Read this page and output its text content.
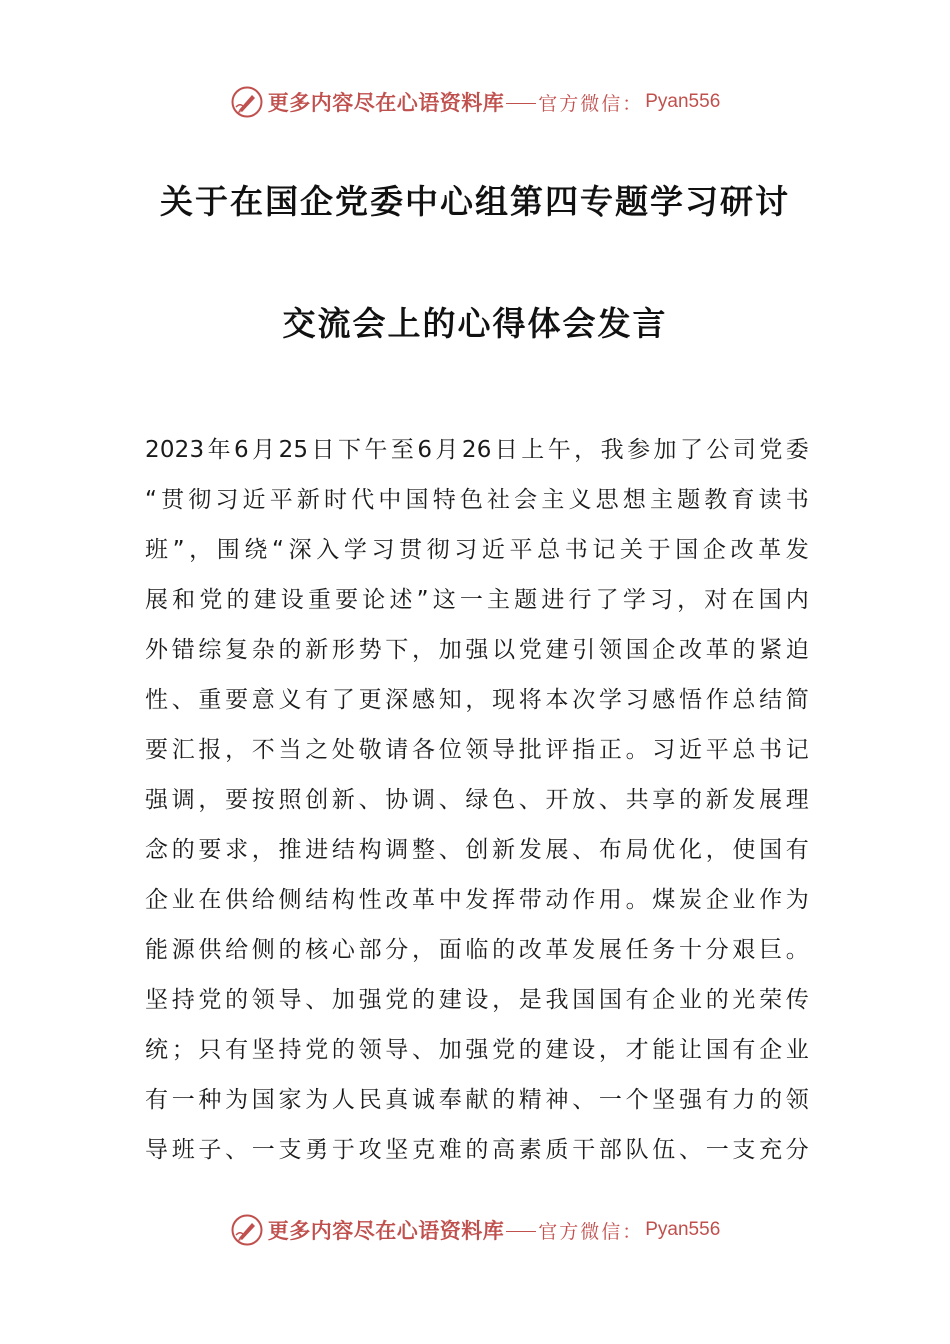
更多内容尽在心语资料库 官方微信： Pyan556
关于在国企党委中心组第四专题学习研讨
交流会上的心得体会发言
2023年6月25日下午至6月26日上午，我参加了公司党委
“贯彻习近平新时代中国特色社会主义思想主题教育读书
班”，围绕“深入学习贯彻习近平总书记关于国企改革发
展和党的建设重要论述”这一主题进行了学习，对在国内
外错综复杂的新形势下，加强以党建引领国企改革的紧迫
性、重要意义有了更深感知，现将本次学习感悟作总结简
要汇报，不当之处敬请各位领导批评指正。习近平总书记
强调，要按照创新、协调、绿色、开放、共享的新发展理
念的要求，推进结构调整、创新发展、布局优化，使国有
企业在供给侧结构性改革中发挥带动作用。煤炭企业作为
能源供给侧的核心部分，面临的改革发展任务十分艰巨。
坚持党的领导、加强党的建设，是我国国有企业的光荣传
统；只有坚持党的领导、加强党的建设，才能让国有企业
有一种为国家为人民真诚奉献的精神、一个坚强有力的领
导班子、一支勇于攻坚克难的高素质干部队伍、一支充分
更多内容尽在心语资料库 官方微信： Pyan556
